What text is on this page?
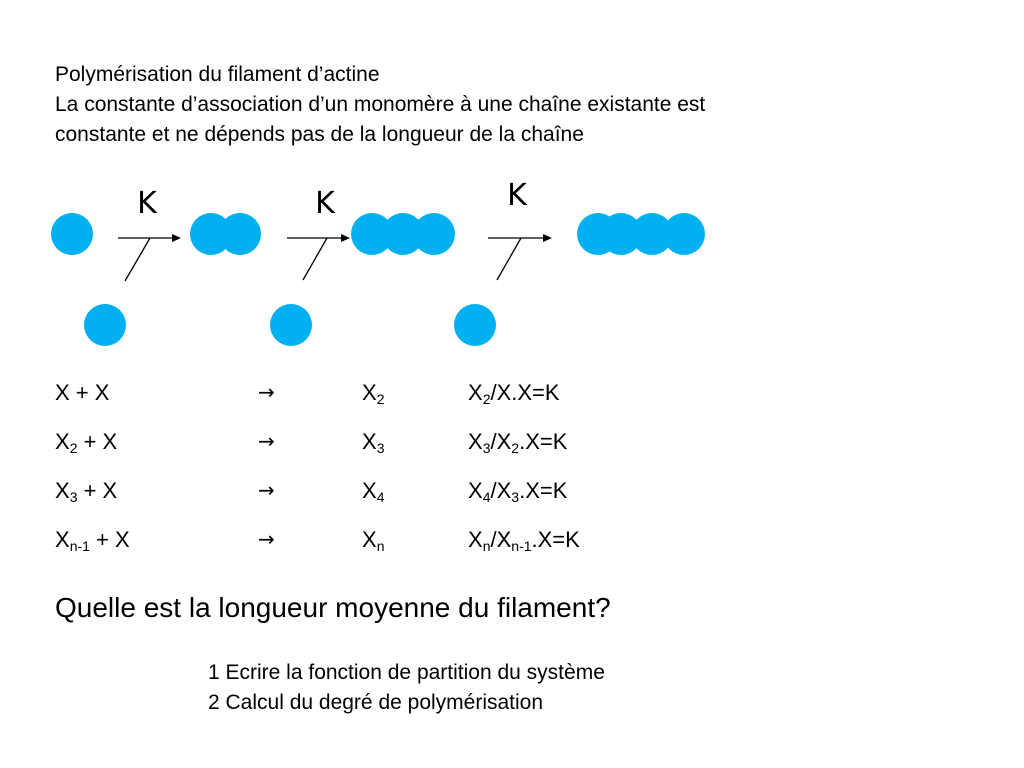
Polymérisation du filament d’actine
La constante d’association d’un monomère à une chaîne existante est
constante et ne dépends pas de la longueur de la chaîne
K	K	K
X + X	→	$X_2$	$X_2/X.X=K$
$X_2 + X$	→	$X_3$	$X_3/X_2.X=K$
$X_3 + X$	→	$X_4$	$X_4/X_3.X=K$
$X_{n-1} + X$	→	$X_n$	$X_n/X_{n-1}.X=K$
Quelle est la longueur moyenne du filament?
1 Ecrire la fonction de partition du système
2 Calcul du degré de polymérisation
